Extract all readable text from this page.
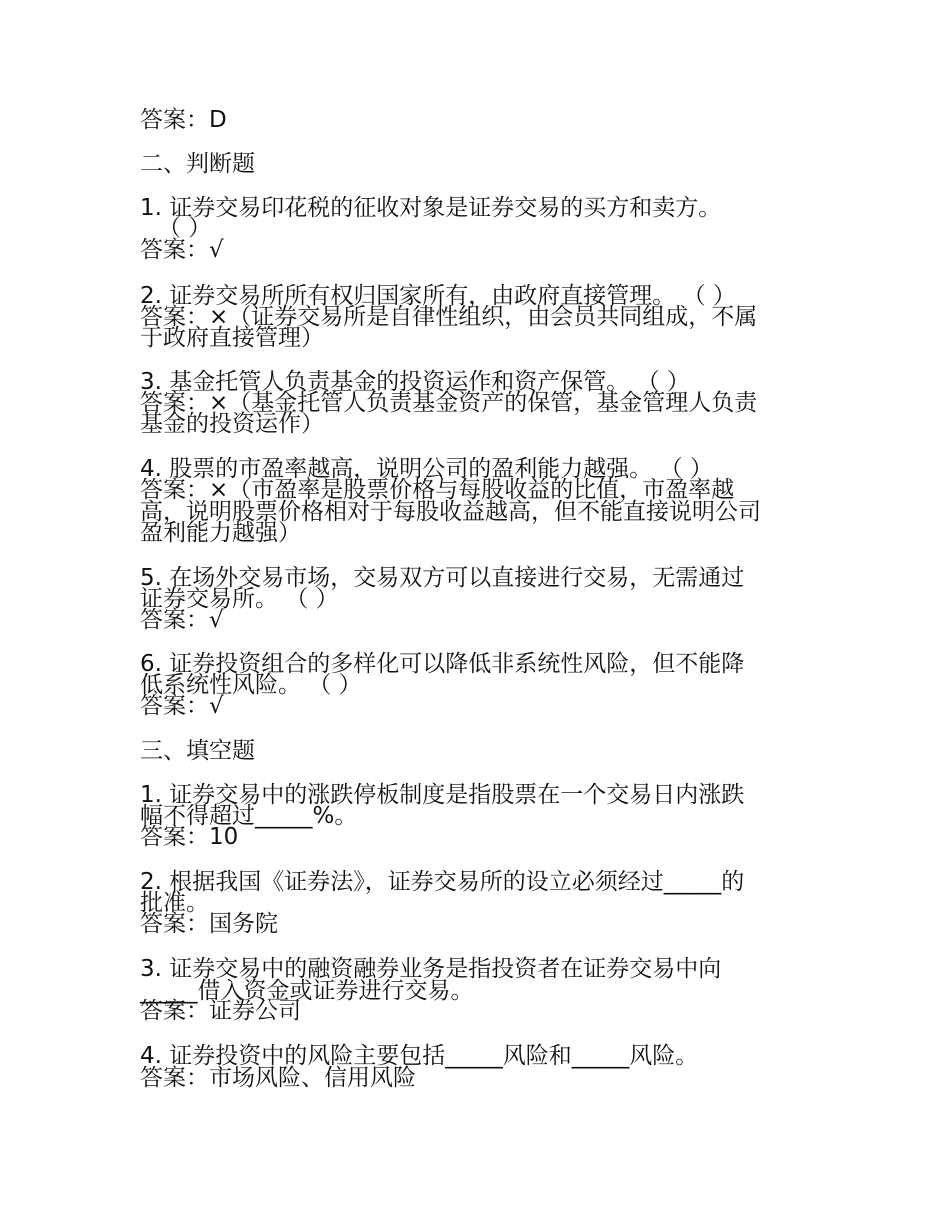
答案：D

二、判断题

1. 证券交易印花税的征收对象是证券交易的买方和卖方。

（ ）

答案：√

2. 证券交易所所有权归国家所有，由政府直接管理。 （ ）

答案：×（证券交易所是自律性组织，由会员共同组成，不属

于政府直接管理）

3. 基金托管人负责基金的投资运作和资产保管。 （ ）

答案：×（基金托管人负责基金资产的保管，基金管理人负责

基金的投资运作）

4. 股票的市盈率越高，说明公司的盈利能力越强。 （ ）

答案：×（市盈率是股票价格与每股收益的比值，市盈率越

高，说明股票价格相对于每股收益越高，但不能直接说明公司

盈利能力越强）

5. 在场外交易市场，交易双方可以直接进行交易，无需通过

证券交易所。 （ ）

答案：√

6. 证券投资组合的多样化可以降低非系统性风险，但不能降

低系统性风险。 （ ）

答案：√

三、填空题

1. 证券交易中的涨跌停板制度是指股票在一个交易日内涨跌

幅不得超过_____%。

答案：10

2. 根据我国《证券法》，证券交易所的设立必须经过_____的

批准。

答案：国务院

3. 证券交易中的融资融券业务是指投资者在证券交易中向

_____借入资金或证券进行交易。

答案：证券公司

4. 证券投资中的风险主要包括_____风险和_____风险。

答案：市场风险、信用风险
